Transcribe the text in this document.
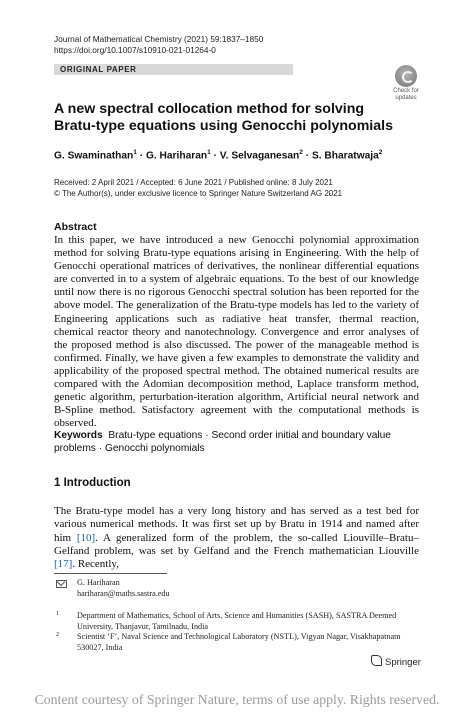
Journal of Mathematical Chemistry (2021) 59:1837–1850
https://doi.org/10.1007/s10910-021-01264-0
ORIGINAL PAPER
Check for updates
A new spectral collocation method for solving Bratu-type equations using Genocchi polynomials
G. Swaminathan$^1$ · G. Hariharan$^1$ · V. Selvaganesan$^2$ · S. Bharatwaja$^2$
Received: 2 April 2021 / Accepted: 6 June 2021 / Published online: 8 July 2021
© The Author(s), under exclusive licence to Springer Nature Switzerland AG 2021
Abstract
In this paper, we have introduced a new Genocchi polynomial approximation method for solving Bratu-type equations arising in Engineering. With the help of Genocchi operational matrices of derivatives, the nonlinear differential equations are converted in to a system of algebraic equations. To the best of our knowledge until now there is no rigorous Genocchi spectral solution has been reported for the above model. The generalization of the Bratu-type models has led to the variety of Engineering applications such as radiative heat transfer, thermal reaction, chemical reactor theory and nanotechnology. Convergence and error analyses of the proposed method is also discussed. The power of the manageable method is confirmed. Finally, we have given a few examples to demonstrate the validity and applicability of the proposed spectral method. The obtained numerical results are compared with the Adomian decomposition method, Laplace transform method, genetic algorithm, perturbation-iteration algorithm, Artificial neural network and B-Spline method. Satisfactory agreement with the computational methods is observed.
Keywords Bratu-type equations · Second order initial and boundary value problems · Genocchi polynomials
1 Introduction
The Bratu-type model has a very long history and has served as a test bed for various numerical methods. It was first set up by Bratu in 1914 and named after him [10]. A generalized form of the problem, the so-called Liouville–Bratu–Gelfand problem, was set by Gelfand and the French mathematician Liouville [17]. Recently,
G. Hariharan
hariharan@maths.sastra.edu
1 Department of Mathematics, School of Arts, Science and Humanities (SASH), SASTRA Deemed University, Thanjavur, Tamilnadu, India
2 Scientist ‘F’, Naval Science and Technological Laboratory (NSTL), Vigyan Nagar, Visakhapatnam 530027, India
Springer
Content courtesy of Springer Nature, terms of use apply. Rights reserved.
